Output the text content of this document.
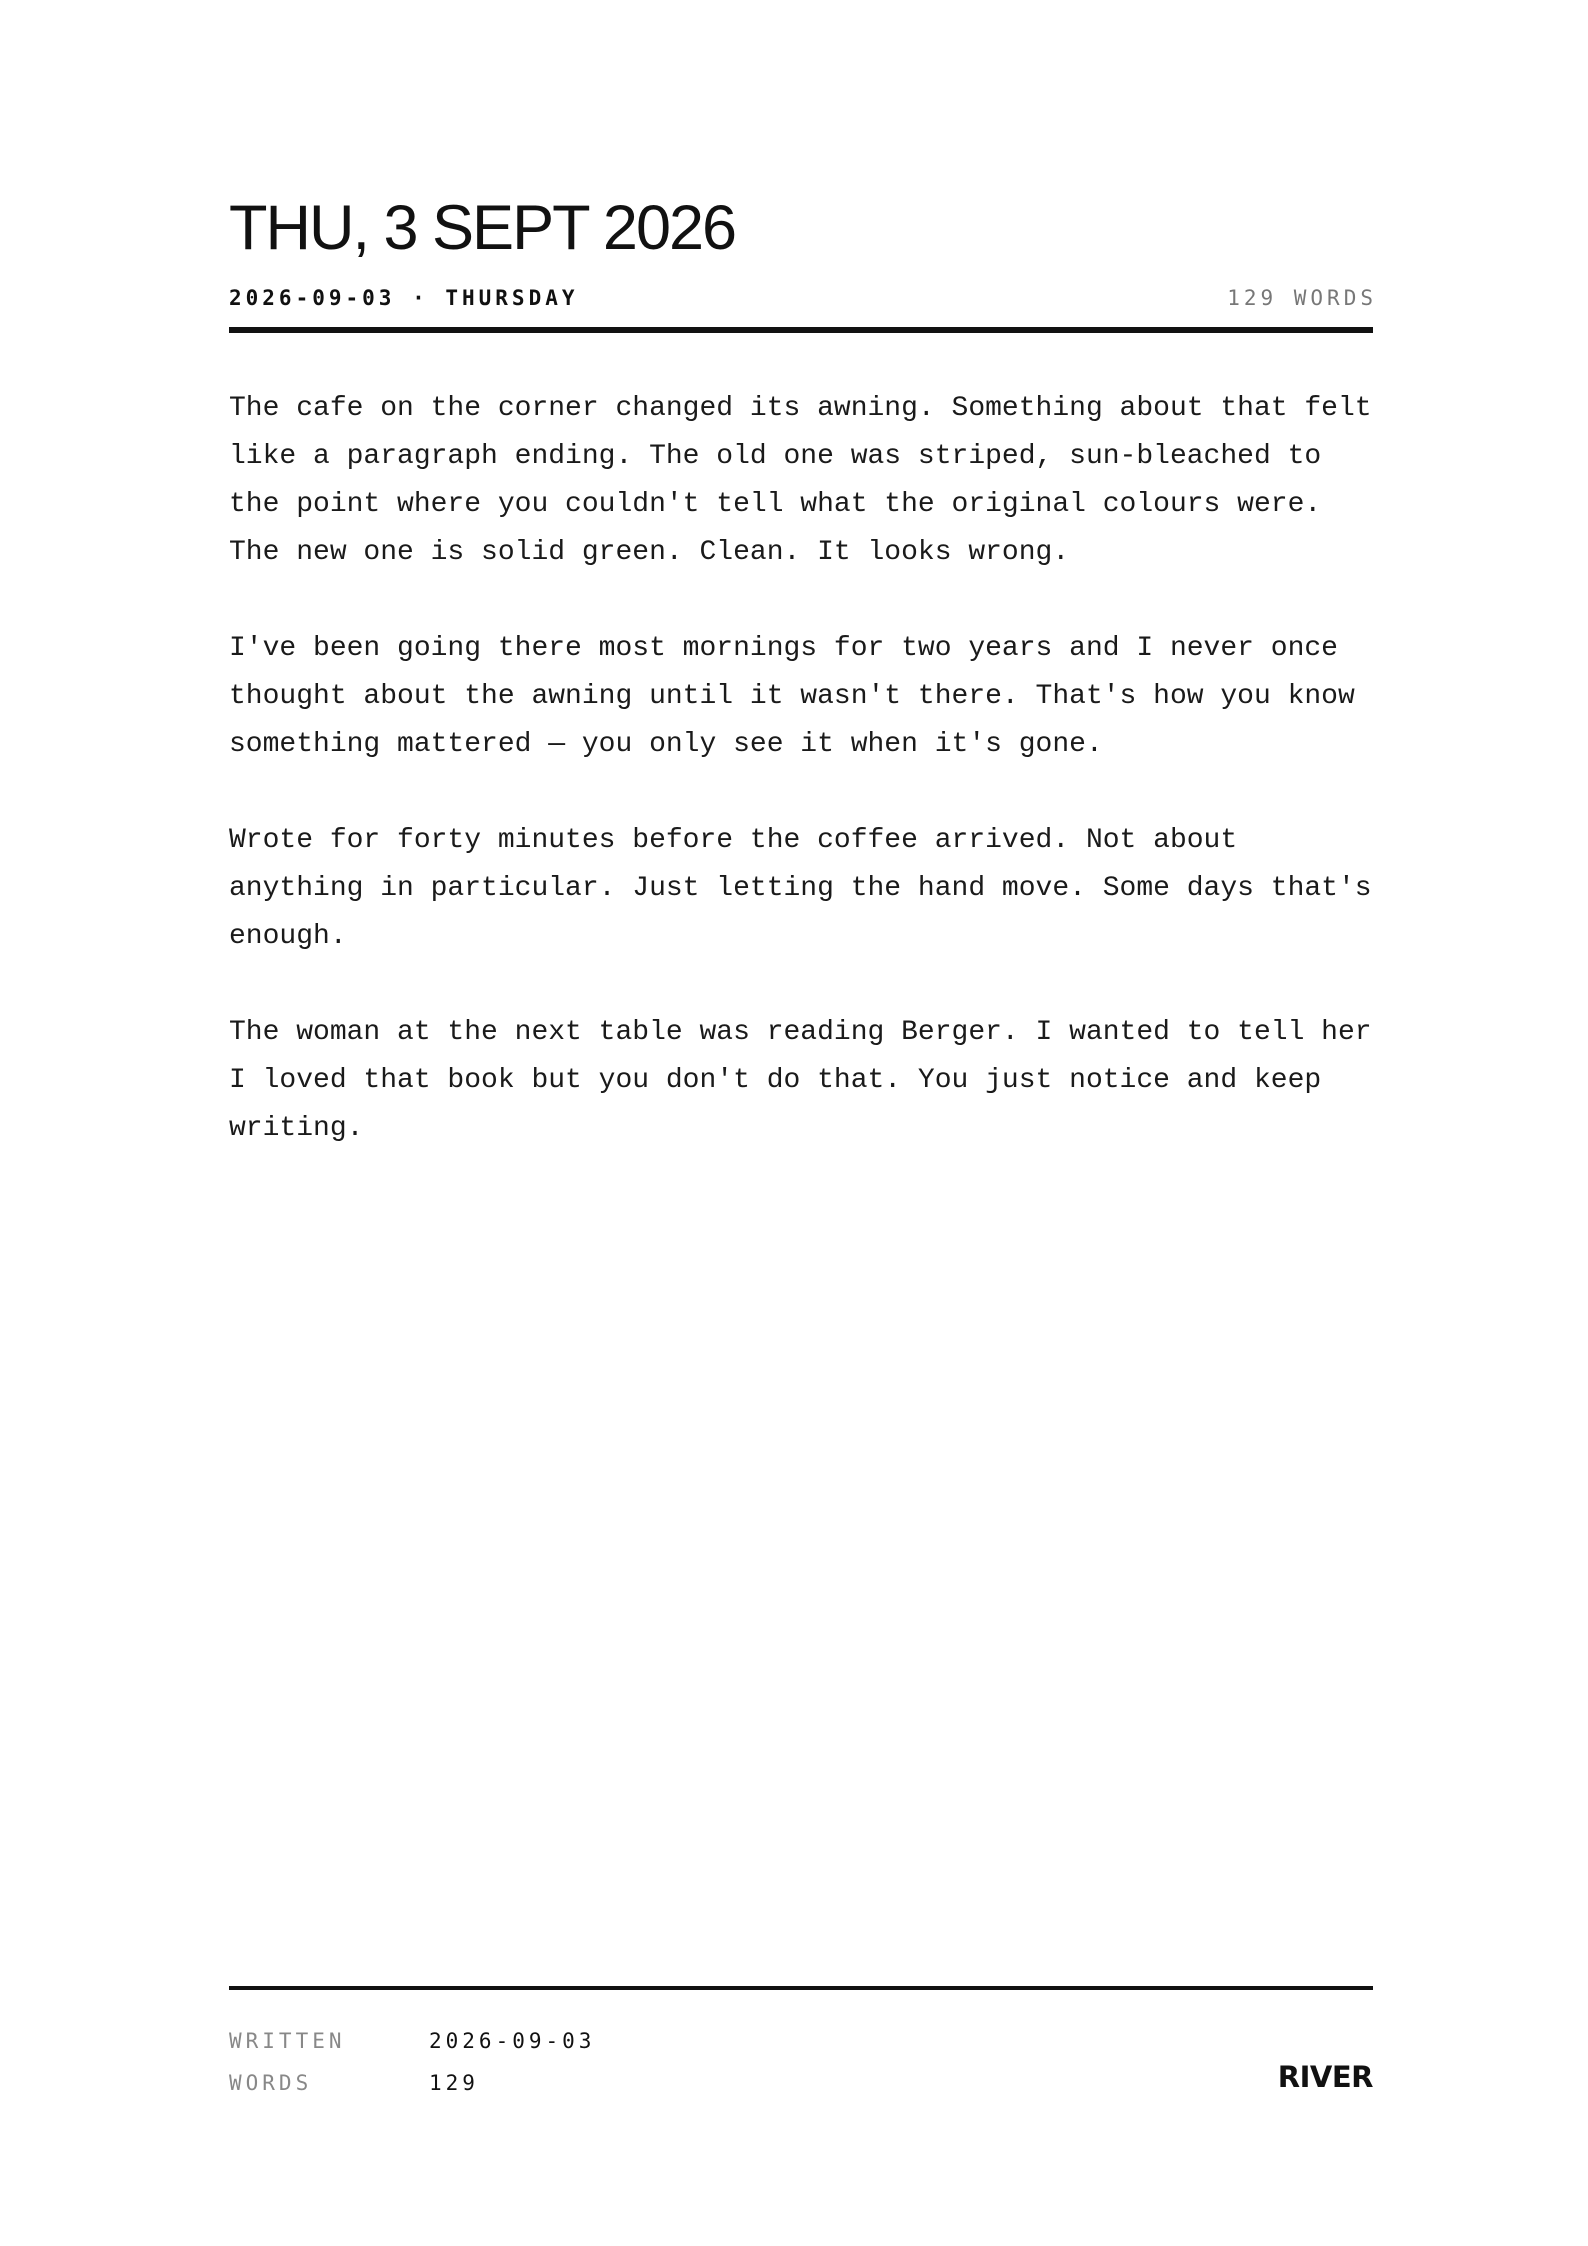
THU, 3 SEPT 2026
2026-09-03 · THURSDAY	129 WORDS

The cafe on the corner changed its awning. Something about that felt like a paragraph ending. The old one was striped, sun-bleached to the point where you couldn't tell what the original colours were. The new one is solid green. Clean. It looks wrong.

I've been going there most mornings for two years and I never once thought about the awning until it wasn't there. That's how you know something mattered — you only see it when it's gone.

Wrote for forty minutes before the coffee arrived. Not about anything in particular. Just letting the hand move. Some days that's enough.

The woman at the next table was reading Berger. I wanted to tell her I loved that book but you don't do that. You just notice and keep writing.

WRITTEN	2026-09-03
WORDS	129	RIVER
